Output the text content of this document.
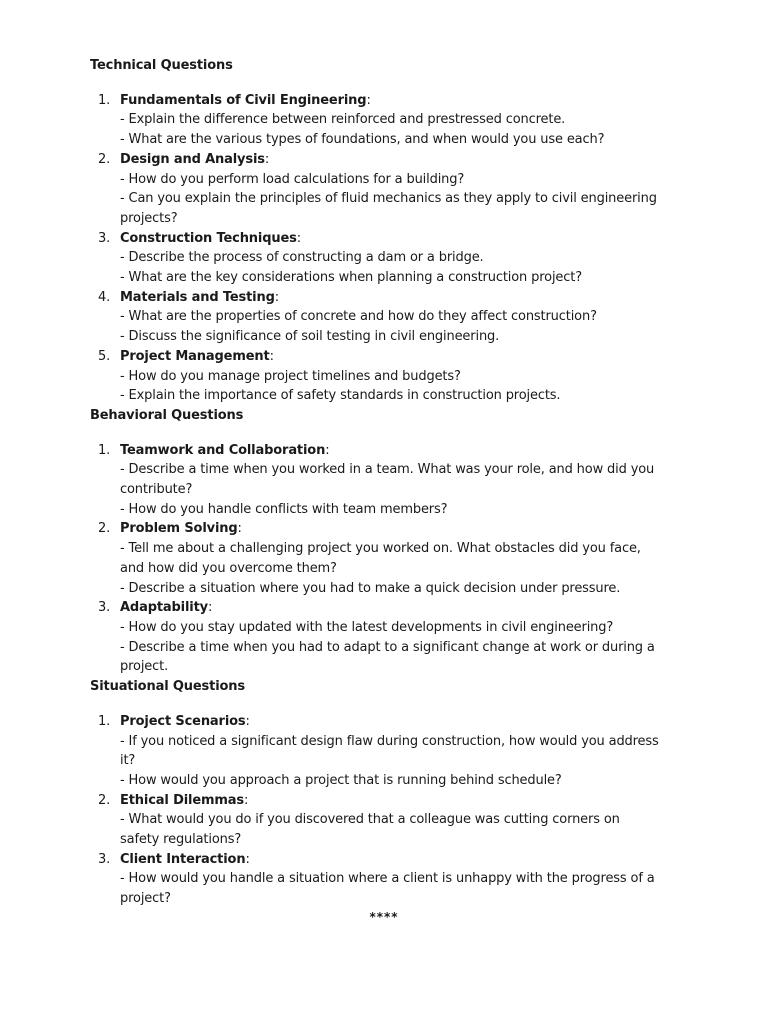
Technical Questions

1. Fundamentals of Civil Engineering:
- Explain the difference between reinforced and prestressed concrete.
- What are the various types of foundations, and when would you use each?
2. Design and Analysis:
- How do you perform load calculations for a building?
- Can you explain the principles of fluid mechanics as they apply to civil engineering projects?
3. Construction Techniques:
- Describe the process of constructing a dam or a bridge.
- What are the key considerations when planning a construction project?
4. Materials and Testing:
- What are the properties of concrete and how do they affect construction?
- Discuss the significance of soil testing in civil engineering.
5. Project Management:
- How do you manage project timelines and budgets?
- Explain the importance of safety standards in construction projects.

Behavioral Questions

1. Teamwork and Collaboration:
- Describe a time when you worked in a team. What was your role, and how did you contribute?
- How do you handle conflicts with team members?
2. Problem Solving:
- Tell me about a challenging project you worked on. What obstacles did you face, and how did you overcome them?
- Describe a situation where you had to make a quick decision under pressure.
3. Adaptability:
- How do you stay updated with the latest developments in civil engineering?
- Describe a time when you had to adapt to a significant change at work or during a project.

Situational Questions

1. Project Scenarios:
- If you noticed a significant design flaw during construction, how would you address it?
- How would you approach a project that is running behind schedule?
2. Ethical Dilemmas:
- What would you do if you discovered that a colleague was cutting corners on safety regulations?
3. Client Interaction:
- How would you handle a situation where a client is unhappy with the progress of a project?
****
